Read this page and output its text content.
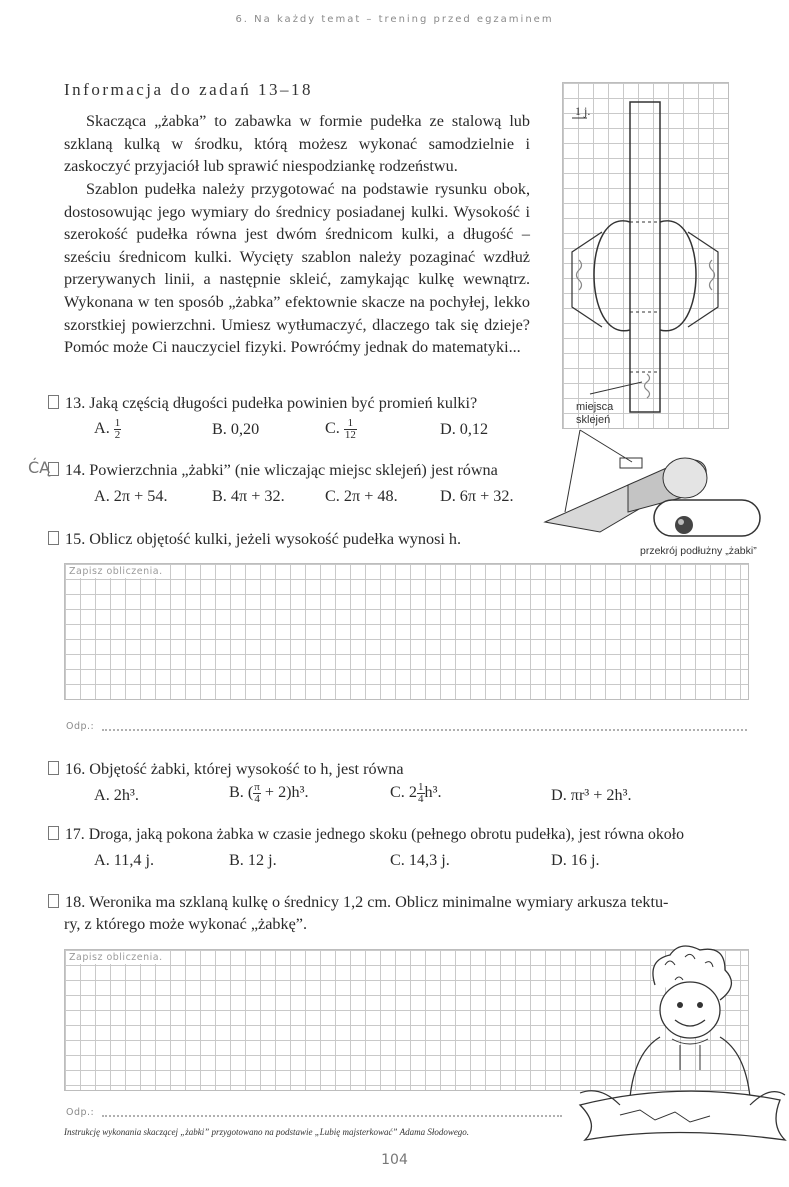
6. Na każdy temat – trening przed egzaminem
Informacja do zadań 13–18
Skacząca „żabka” to zabawka w formie pudełka ze stalową lub szklaną kulką w środku, którą możesz wykonać samodzielnie i zaskoczyć przyjaciół lub sprawić niespodziankę rodzeństwu.
Szablon pudełka należy przygotować na podstawie rysunku obok, dostosowując jego wymiary do średnicy posiadanej kulki. Wysokość i szerokość pudełka równa jest dwóm średnicom kulki, a długość – sześciu średnicom kulki. Wycięty szablon należy pozaginać wzdłuż przerywanych linii, a następnie skleić, zamykając kulkę wewnątrz. Wykonana w ten sposób „żabka” efektownie skacze na pochyłej, lekko szorstkiej powierzchni. Umiesz wytłumaczyć, dlaczego tak się dzieje? Pomóc może Ci nauczyciel fizyki. Powróćmy jednak do matematyki...
1 j.
miejsca
sklejeń
przekrój podłużny „żabki”
13. Jaką częścią długości pudełka powinien być promień kulki?
A. $\frac{1}{2}$	B. 0,20	C. $\frac{1}{12}$	D. 0,12
ĆĄ 14. Powierzchnia „żabki” (nie wliczając miejsc sklejeń) jest równa
A. 2π + 54.	B. 4π + 32. C. 2π + 48.	D. 6π + 32.
15. Oblicz objętość kulki, jeżeli wysokość pudełka wynosi h.
Zapisz obliczenia.
Odp.:
16. Objętość żabki, której wysokość to h, jest równa
A. 2h³.	B. ( $\frac{\pi}{4} + 2)h^3$.	C. $2 \frac{1}{4} h^3$.	D. πr³ + 2h³.
17. Droga, jaką pokona żabka w czasie jednego skoku (pełnego obrotu pudełka), jest równa około
A. 11,4 j.	B. 12 j.	C. 14,3 j.	D. 16 j.
18. Weronika ma szklaną kulkę o średnicy 1,2 cm. Oblicz minimalne wymiary arkusza tektu-
ry, z którego może wykonać „żabkę”.
Zapisz obliczenia.
Odp.:
Instrukcję wykonania skaczącej „żabki” przygotowano na podstawie „Lubię majsterkować” Adama Słodowego.
104
